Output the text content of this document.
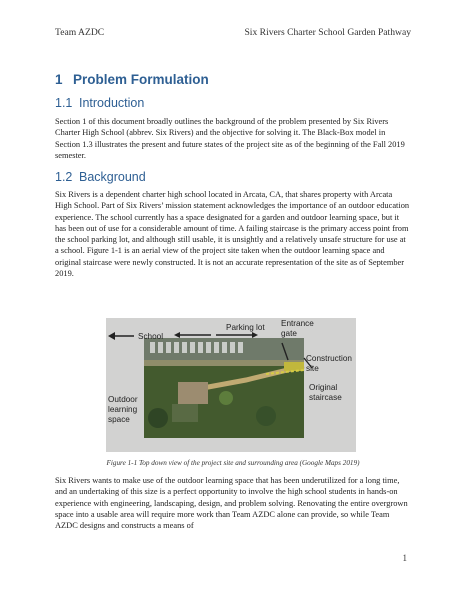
Team AZDC	Six Rivers Charter School Garden Pathway
1 Problem Formulation
1.1 Introduction

Section 1 of this document broadly outlines the background of the problem presented by Six Rivers Charter High School (abbrev. Six Rivers) and the objective for solving it. The Black-Box model in Section 1.3 illustrates the present and future states of the project site as of the beginning of the Fall 2019 semester.

1.2 Background

Six Rivers is a dependent charter high school located in Arcata, CA, that shares property with Arcata High School. Part of Six Rivers’ mission statement acknowledges the importance of an outdoor education experience. The school currently has a space designated for a garden and outdoor learning space, but it has been out of use for a considerable amount of time. A failing staircase is the primary access point from the school parking lot, and although still usable, it is unsightly and a relatively unsafe structure for use at a school. Figure 1-1 is an aerial view of the project site taken when the outdoor learning space and original staircase were newly constructed. It is not an accurate representation of the site as of September 2019.

School
Parking lot Entrance
gate
Construction
site
Original
staircase
Outdoor
learning
space
Figure 1-1 Top down view of the project site and surrounding area (Google Maps 2019)

Six Rivers wants to make use of the outdoor learning space that has been underutilized for a long time, and an undertaking of this size is a perfect opportunity to involve the high school students in hands-on experience with engineering, landscaping, design, and problem solving. Renovating the entire overgrown space into a usable area will require more work than Team AZDC alone can provide, so while Team AZDC designs and constructs a means of

1
